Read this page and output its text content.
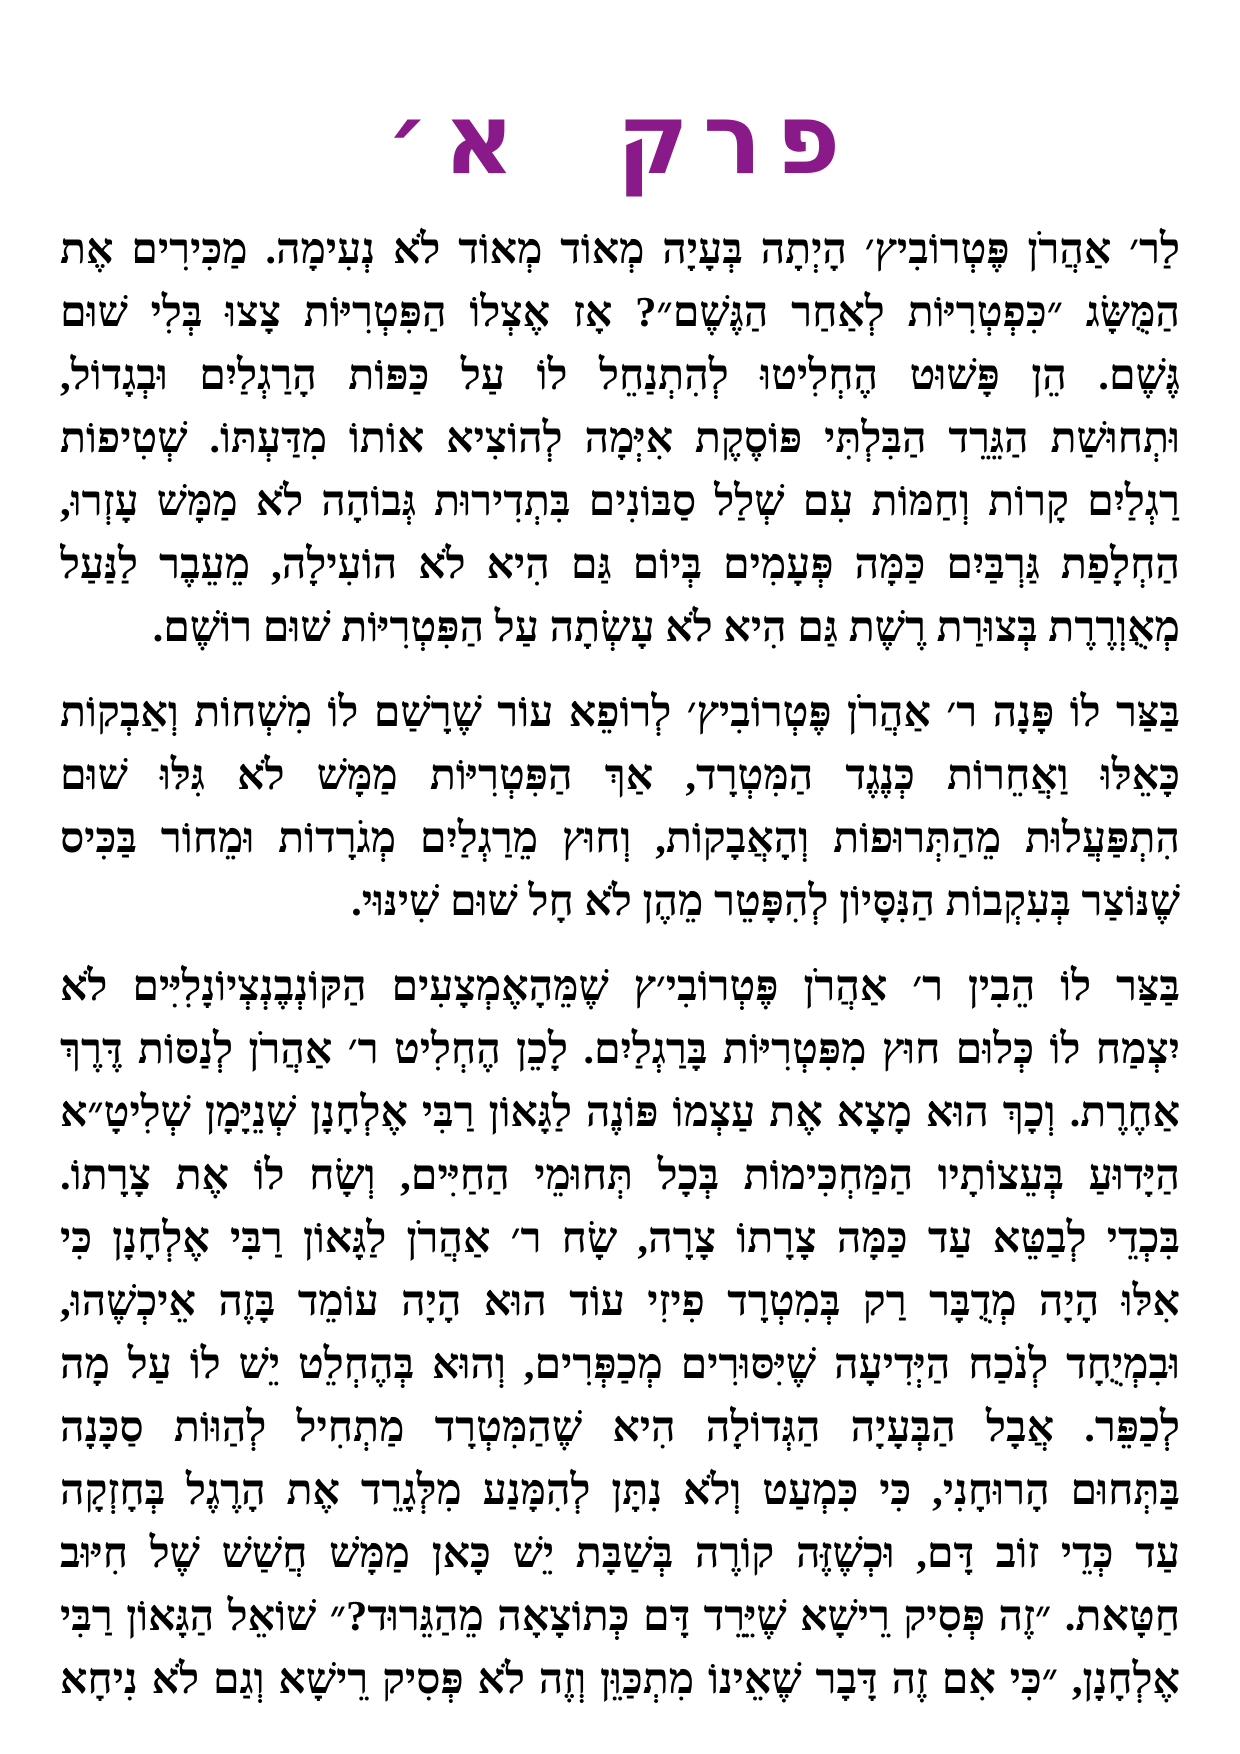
פרק א׳
לַר׳ אַהֲרֹן פֶּטְרוֹבִיץ׳ הָיְתָה בְּעָיָה מְאוֹד מְאוֹד לֹא נְעִימָה. מַכִּירִים אֶת
הַמֻּשָּׂג ״כִּפְטְרִיּוֹת לְאַחַר הַגֶּשֶׁם״? אָז אֶצְלוֹ הַפִּטְרִיּוֹת צָצוּ בְּלִי שׁוּם
גֶּשֶׁם. הֵן פָּשׁוּט הֶחְלִיטוּ לְהִתְנַחֵל לוֹ עַל כַּפּוֹת הָרַגְלַיִם וּבְגָדוֹל,
וּתְחוּשַׁת הַגֵּרֵד הַבִּלְתִּי פּוֹסֶקֶת אִיְּמָה לְהוֹצִיא אוֹתוֹ מִדַּעְתּוֹ. שְׁטִיפוֹת
רַגְלַיִם קָרוֹת וְחַמּוֹת עִם שְׁלַל סַבּוֹנִים בִּתְדִירוּת גְּבוֹהָה לֹא מַמָּשׁ עָזְרוּ,
הַחְלָפַת גַּרְבַּיִם כַּמָּה פְּעָמִים בְּיוֹם גַּם הִיא לֹא הוֹעִילָה, מֵעֵבֶר לַנַּעַל
מְאֻוְרֶרֶת בְּצוּרַת רֶשֶׁת גַּם הִיא לֹא עָשְׂתָה עַל הַפִּטְרִיּוֹת שׁוּם רוֹשֶׁם.
בַּצַּר לוֹ פָּנָה ר׳ אַהֲרֹן פֶּטְרוֹבִיץ׳ לְרוֹפֵא עוֹר שֶׁרָשַׁם לוֹ מִשְׁחוֹת וְאַבְקוֹת
כָּאֵלּוּ וַאֲחֵרוֹת כְּנֶגֶד הַמִּטְרָד, אַךְ הַפִּטְרִיּוֹת מַמָּשׁ לֹא גִּלּוּ שׁוּם
הִתְפַּעֲלוּת מֵהַתְּרוּפוֹת וְהָאֲבָקוֹת, וְחוּץ מֵרַגְלַיִם מְגֹרָדוֹת וּמֵחוֹר בַּכִּיס
שֶׁנּוֹצַר בְּעִקְבוֹת הַנִּסָּיוֹן לְהִפָּטֵר מֵהֶן לֹא חָל שׁוּם שִׁינּוּי.
בַּצַּר לוֹ הֵבִין ר׳ אַהֲרֹן פֶּטְרוֹבִי׳ץ שֶׁמֵּהָאֶמְצָעִים הַקּוֹנְבֶנְצְיוֹנָלִיִּים לֹא
יִצְמַח לוֹ כְּלוּם חוּץ מִפִּטְרִיּוֹת בָּרַגְלַיִם. לָכֵן הֶחְלִיט ר׳ אַהֲרֹן לְנַסּוֹת דֶּרֶךְ
אַחֶרֶת. וְכָךְ הוּא מָצָא אֶת עַצְמוֹ פּוֹנֶה לַגָּאוֹן רַבִּי אֶלְחָנָן שְׁנֵיָּמָן שְׁלִיטָ״א
הַיָּדוּעַ בְּעֵצוֹתָיו הַמַּחְכִּימוֹת בְּכָל תְּחוּמֵי הַחַיִּים, וְשָׂח לוֹ אֶת צָרָתוֹ.
בִּכְדֵי לְבַטֵּא עַד כַּמָּה צָרָתוֹ צָרָה, שָׂח ר׳ אַהֲרֹן לַגָּאוֹן רַבִּי אֶלְחָנָן כִּי
אִלּוּ הָיָה מְדֻבָּר רַק בְּמִטְרָד פִיזִי עוֹד הוּא הָיָה עוֹמֵד בָּזֶה אֵיכְשֶׁהוּ,
וּבִמְיֻחָד לְנֹכַח הַיְּדִיעָה שֶׁיִּסּוּרִים מְכַפְּרִים, וְהוּא בְּהֶחְלֵט יֵשׁ לוֹ עַל מָה
לְכַפֵּר. אֲבָל הַבְּעָיָה הַגְּדוֹלָה הִיא שֶׁהַמִּטְרָד מַתְחִיל לְהַוּוֹת סַכָּנָה
בַּתְּחוּם הָרוּחָנִי, כִּי כִּמְעַט וְלֹא נִתָּן לְהִמָּנַע מִלְּגָרֵד אֶת הָרֶגֶל בְּחָזְקָה
עַד כְּדֵי זוֹב דָּם, וּכְשֶׁזֶּה קוֹרֶה בְּשַׁבָּת יֵשׁ כָּאן מַמָּשׁ חֲשַׁשׁ שֶׁל חִיּוּב
חַטָּאת. ״זֶה פְּסִיק רֵישָׁא שֶׁיֵּרֵד דָּם כְּתוֹצָאָה מֵהַגֵּרוּד?״ שׁוֹאֵל הַגָּאוֹן רַבִּי
אֶלְחָנָן, ״כִּי אִם זֶה דָּבָר שֶׁאֵינוֹ מִתְכַּוֵּן וְזֶה לֹא פְּסִיק רֵישָׁא וְגַם לֹא נִיחָא
